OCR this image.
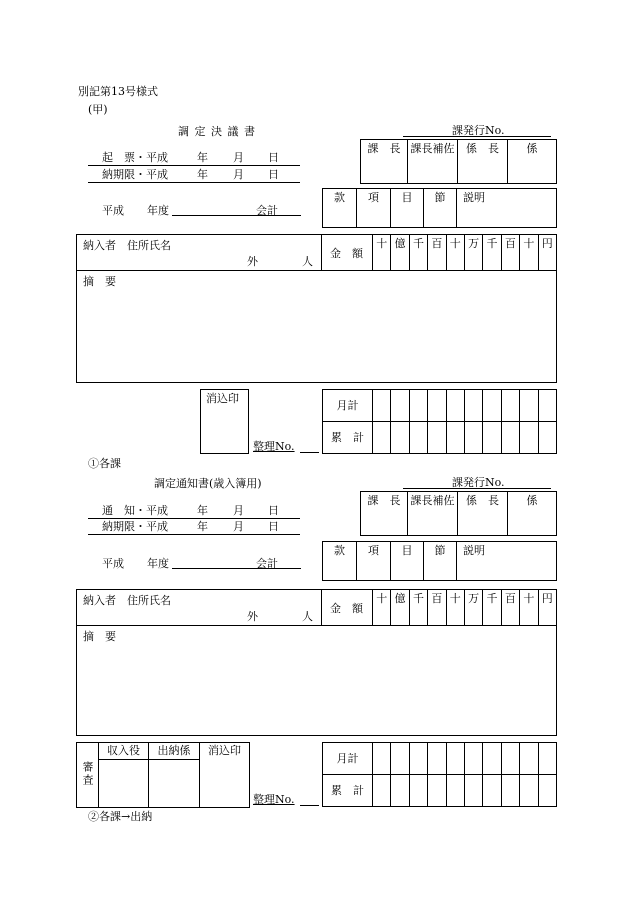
別記第13号様式
(甲)
調 定 決 議 書	課発行No.
課　長	課長補佐	係　長	係
起　票・平成	年 月 日
納期限・平成	年 月 日
平成 年度	会計
款	項	目	節	説明
納入者　住所氏名
外　　　　人
金　額
十	億	千	百	十	万	千	百	十	円
摘　要
消込印
整理No.
月計										
累　計										
①各課
調定通知書(歳入簿用)	課発行No.
課　長	課長補佐	係　長	係
通　知・平成	年 月 日
納期限・平成	年 月 日
平成 年度	会計
款	項	目	節	説明
納入者　住所氏名
外　　　　人
金　額
十	億	千	百	十	万	千	百	十	円
摘　要
審査	収入役	出納係	消込印

整理No.
月計										
累　計										
②各課→出納
